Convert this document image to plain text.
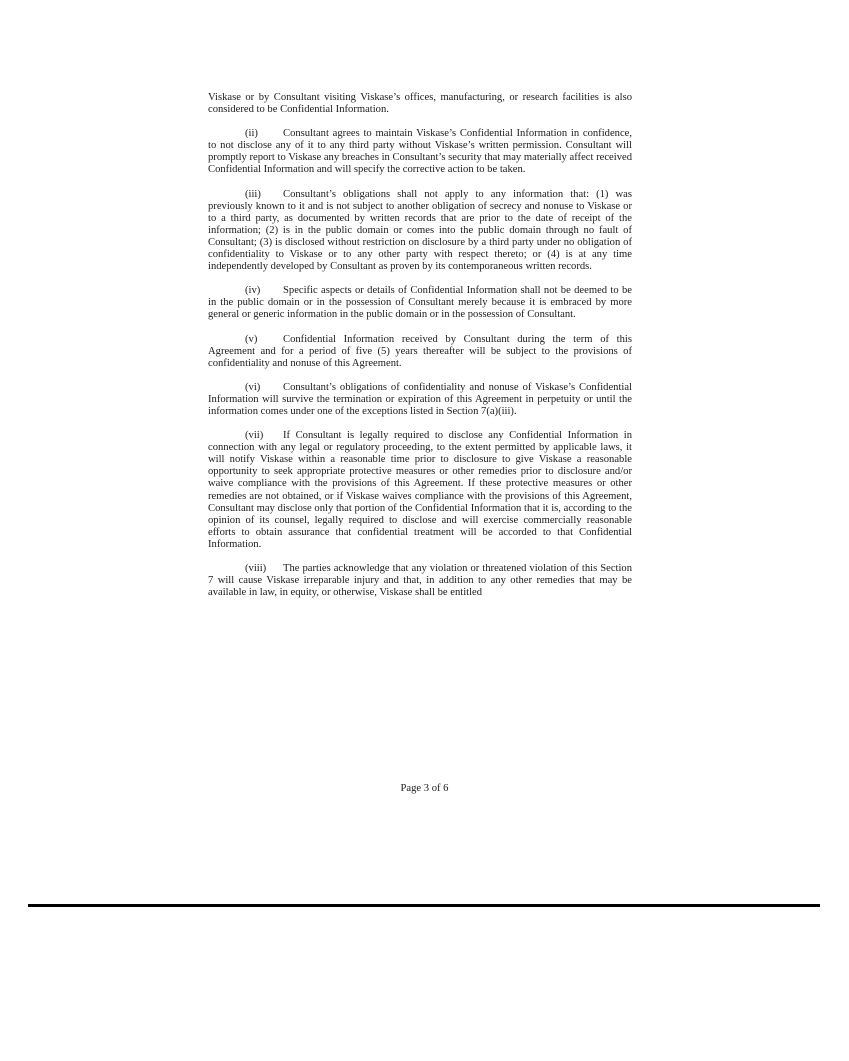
Viskase or by Consultant visiting Viskase’s offices, manufacturing, or research facilities is also considered to be Confidential Information.

(ii) Consultant agrees to maintain Viskase’s Confidential Information in confidence, to not disclose any of it to any third party without Viskase’s written permission. Consultant will promptly report to Viskase any breaches in Consultant’s security that may materially affect received Confidential Information and will specify the corrective action to be taken.

(iii) Consultant’s obligations shall not apply to any information that: (1) was previously known to it and is not subject to another obligation of secrecy and nonuse to Viskase or to a third party, as documented by written records that are prior to the date of receipt of the information; (2) is in the public domain or comes into the public domain through no fault of Consultant; (3) is disclosed without restriction on disclosure by a third party under no obligation of confidentiality to Viskase or to any other party with respect thereto; or (4) is at any time independently developed by Consultant as proven by its contemporaneous written records.

(iv) Specific aspects or details of Confidential Information shall not be deemed to be in the public domain or in the possession of Consultant merely because it is embraced by more general or generic information in the public domain or in the possession of Consultant.

(v) Confidential Information received by Consultant during the term of this Agreement and for a period of five (5) years thereafter will be subject to the provisions of confidentiality and nonuse of this Agreement.

(vi) Consultant’s obligations of confidentiality and nonuse of Viskase’s Confidential Information will survive the termination or expiration of this Agreement in perpetuity or until the information comes under one of the exceptions listed in Section 7(a)(iii).

(vii) If Consultant is legally required to disclose any Confidential Information in connection with any legal or regulatory proceeding, to the extent permitted by applicable laws, it will notify Viskase within a reasonable time prior to disclosure to give Viskase a reasonable opportunity to seek appropriate protective measures or other remedies prior to disclosure and/or waive compliance with the provisions of this Agreement. If these protective measures or other remedies are not obtained, or if Viskase waives compliance with the provisions of this Agreement, Consultant may disclose only that portion of the Confidential Information that it is, according to the opinion of its counsel, legally required to disclose and will exercise commercially reasonable efforts to obtain assurance that confidential treatment will be accorded to that Confidential Information.

(viii) The parties acknowledge that any violation or threatened violation of this Section 7 will cause Viskase irreparable injury and that, in addition to any other remedies that may be available in law, in equity, or otherwise, Viskase shall be entitled

Page 3 of 6
